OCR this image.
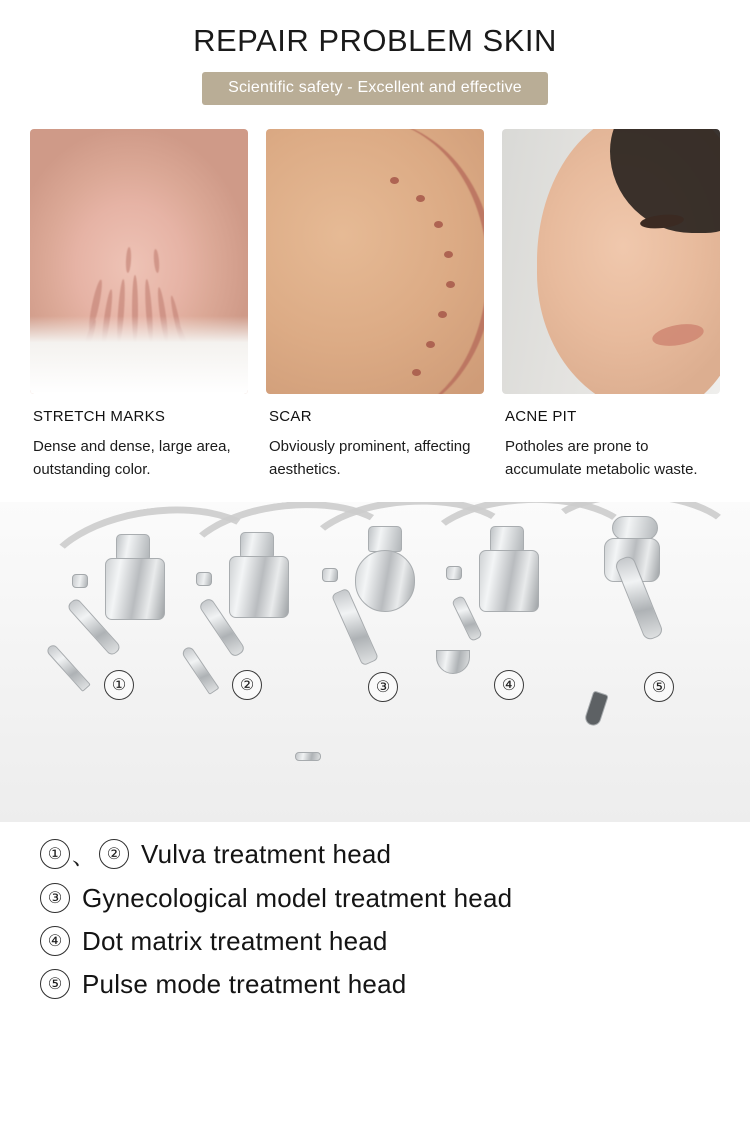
REPAIR PROBLEM SKIN
Scientific safety - Excellent and effective
STRETCH MARKS
Dense and dense, large area, outstanding color.
SCAR
Obviously prominent, affecting aesthetics.
ACNE PIT
Potholes are prone to accumulate metabolic waste.
①	②	③	④	⑤
① 、 ② Vulva treatment head
③ Gynecological model treatment head
④ Dot matrix treatment head
⑤ Pulse mode treatment head
